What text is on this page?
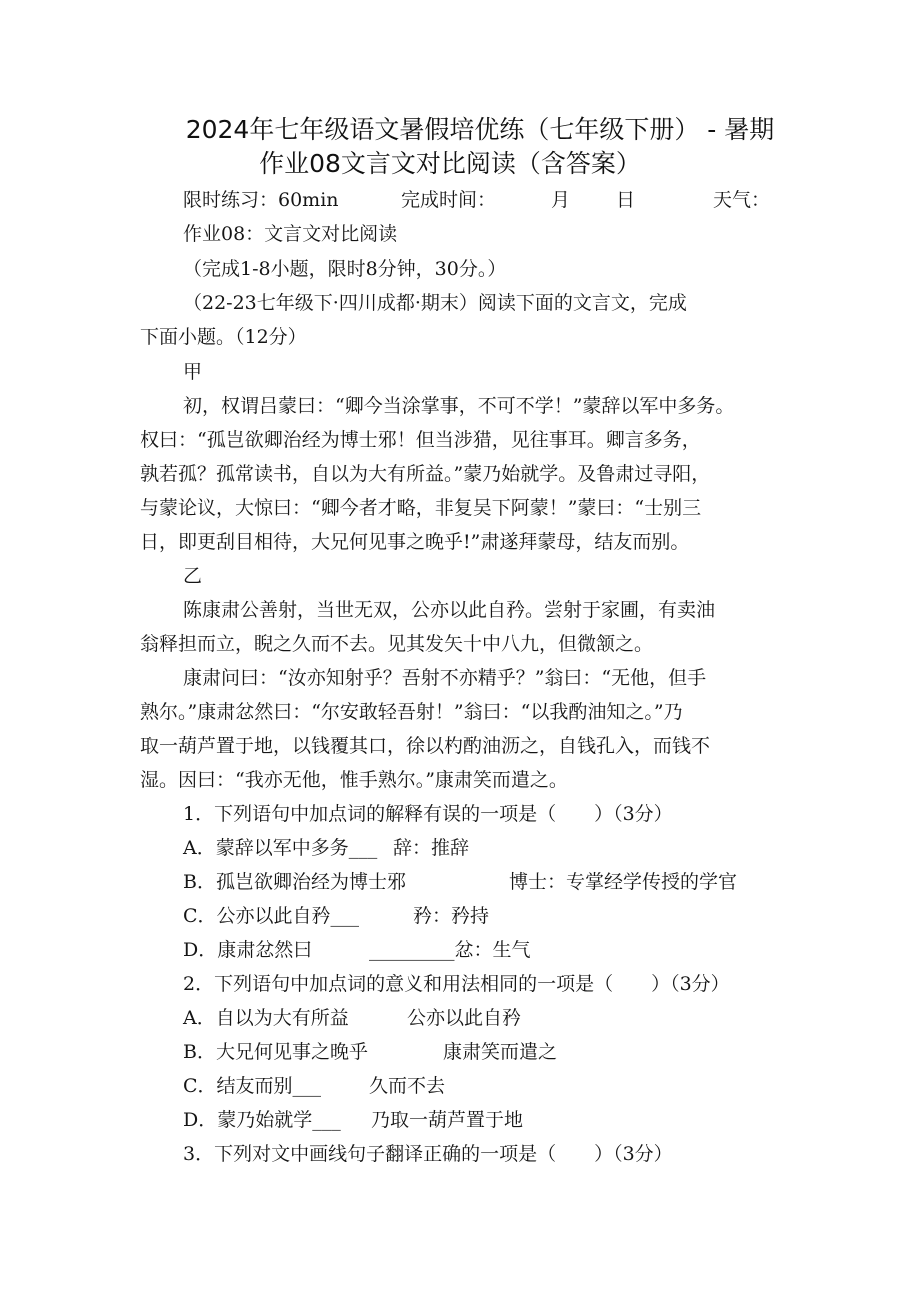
2024年七年级语文暑假培优练（七年级下册） - 暑期
作业08文言文对比阅读（含答案）
限时练习：60min	完成时间：	月 日	天气：
作业08：文言文对比阅读
（完成1-8小题，限时8分钟，30分。）
（22-23七年级下·四川成都·期末）阅读下面的文言文，完成
下面小题。（12分）
甲
初，权谓吕蒙曰：“卿今当涂掌事，不可不学！”蒙辞以军中多务。
权曰：“孤岂欲卿治经为博士邪！但当涉猎，见往事耳。卿言多务，
孰若孤？孤常读书，自以为大有所益。”蒙乃始就学。及鲁肃过寻阳，
与蒙论议，大惊曰：“卿今者才略，非复吴下阿蒙！”蒙曰：“士别三
日，即更刮目相待，大兄何见事之晚乎!”肃遂拜蒙母，结友而别。
乙
陈康肃公善射，当世无双，公亦以此自矜。尝射于家圃，有卖油
翁释担而立，睨之久而不去。见其发矢十中八九，但微颔之。
康肃问曰：“汝亦知射乎？吾射不亦精乎？”翁曰：“无他，但手
熟尔。”康肃忿然曰：“尔安敢轻吾射！”翁曰：“以我酌油知之。”乃
取一葫芦置于地，以钱覆其口，徐以杓酌油沥之，自钱孔入，而钱不
湿。因曰：“我亦无他，惟手熟尔。”康肃笑而遣之。
1．下列语句中加点词的解释有误的一项是（　　）（3分）
A．蒙辞以军中多务___ 辞：推辞
B．孤岂欲卿治经为博士邪	博士：专掌经学传授的学官
C．公亦以此自矜___	矜：矜持
D．康肃忿然曰	_________忿：生气
2．下列语句中加点词的意义和用法相同的一项是（　　）（3分）
A．自以为大有所益	公亦以此自矜
B．大兄何见事之晚乎	康肃笑而遣之
C．结友而别___	久而不去
D．蒙乃始就学___ 乃取一葫芦置于地
3．下列对文中画线句子翻译正确的一项是（　　）（3分）
